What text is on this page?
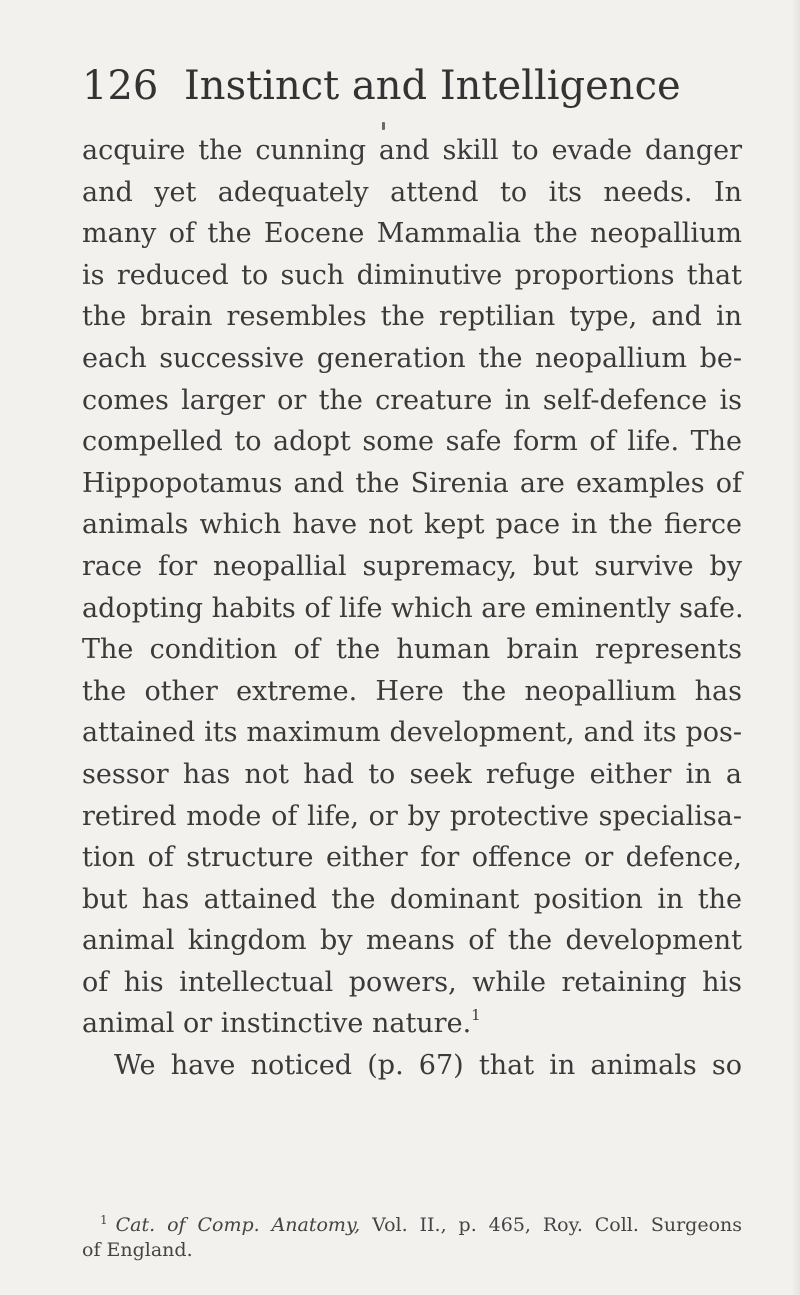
126 Instinct and Intelligence
acquire the cunning and skill to evade danger
and yet adequately attend to its needs. In
many of the Eocene Mammalia the neopallium
is reduced to such diminutive proportions that
the brain resembles the reptilian type, and in
each successive generation the neopallium be-
comes larger or the creature in self-defence is
compelled to adopt some safe form of life. The
Hippopotamus and the Sirenia are examples of
animals which have not kept pace in the fierce
race for neopallial supremacy, but survive by
adopting habits of life which are eminently safe.
The condition of the human brain represents
the other extreme. Here the neopallium has
attained its maximum development, and its pos-
sessor has not had to seek refuge either in a
retired mode of life, or by protective specialisa-
tion of structure either for offence or defence,
but has attained the dominant position in the
animal kingdom by means of the development
of his intellectual powers, while retaining his
animal or instinctive nature.$^1$
We have noticed (p. 67) that in animals so
$^1$ Cat. of Comp. Anatomy, Vol. II., p. 465, Roy. Coll. Surgeons
of England.
